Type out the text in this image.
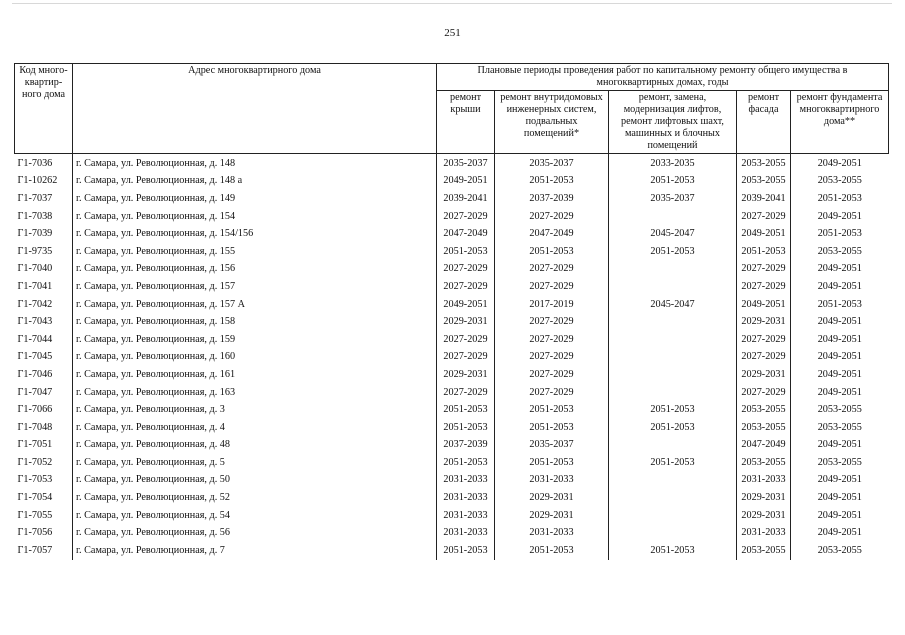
251
Код много- квартир- ного дома	Адрес многоквартирного дома	Плановые периоды проведения работ по капитальному ремонту общего имущества в многоквартирных домах, годы				
		ремонт крыши	ремонт внутридомовых инженерных систем, подвальных помещений*	ремонт, замена, модернизация лифтов, ремонт лифтовых шахт, машинных и блочных помещений	ремонт фасада	ремонт фундамента многоквартирного дома**
Г1-7036	г. Самара, ул. Революционная, д. 148	2035-2037	2035-2037	2033-2035	2053-2055	2049-2051
Г1-10262	г. Самара, ул. Революционная, д. 148 а	2049-2051	2051-2053	2051-2053	2053-2055	2053-2055
Г1-7037	г. Самара, ул. Революционная, д. 149	2039-2041	2037-2039	2035-2037	2039-2041	2051-2053
Г1-7038	г. Самара, ул. Революционная, д. 154	2027-2029	2027-2029		2027-2029	2049-2051
Г1-7039	г. Самара, ул. Революционная, д. 154/156	2047-2049	2047-2049	2045-2047	2049-2051	2051-2053
Г1-9735	г. Самара, ул. Революционная, д. 155	2051-2053	2051-2053	2051-2053	2051-2053	2053-2055
Г1-7040	г. Самара, ул. Революционная, д. 156	2027-2029	2027-2029		2027-2029	2049-2051
Г1-7041	г. Самара, ул. Революционная, д. 157	2027-2029	2027-2029		2027-2029	2049-2051
Г1-7042	г. Самара, ул. Революционная, д. 157 А	2049-2051	2017-2019	2045-2047	2049-2051	2051-2053
Г1-7043	г. Самара, ул. Революционная, д. 158	2029-2031	2027-2029		2029-2031	2049-2051
Г1-7044	г. Самара, ул. Революционная, д. 159	2027-2029	2027-2029		2027-2029	2049-2051
Г1-7045	г. Самара, ул. Революционная, д. 160	2027-2029	2027-2029		2027-2029	2049-2051
Г1-7046	г. Самара, ул. Революционная, д. 161	2029-2031	2027-2029		2029-2031	2049-2051
Г1-7047	г. Самара, ул. Революционная, д. 163	2027-2029	2027-2029		2027-2029	2049-2051
Г1-7066	г. Самара, ул. Революционная, д. 3	2051-2053	2051-2053	2051-2053	2053-2055	2053-2055
Г1-7048	г. Самара, ул. Революционная, д. 4	2051-2053	2051-2053	2051-2053	2053-2055	2053-2055
Г1-7051	г. Самара, ул. Революционная, д. 48	2037-2039	2035-2037		2047-2049	2049-2051
Г1-7052	г. Самара, ул. Революционная, д. 5	2051-2053	2051-2053	2051-2053	2053-2055	2053-2055
Г1-7053	г. Самара, ул. Революционная, д. 50	2031-2033	2031-2033		2031-2033	2049-2051
Г1-7054	г. Самара, ул. Революционная, д. 52	2031-2033	2029-2031		2029-2031	2049-2051
Г1-7055	г. Самара, ул. Революционная, д. 54	2031-2033	2029-2031		2029-2031	2049-2051
Г1-7056	г. Самара, ул. Революционная, д. 56	2031-2033	2031-2033		2031-2033	2049-2051
Г1-7057	г. Самара, ул. Революционная, д. 7	2051-2053	2051-2053	2051-2053	2053-2055	2053-2055
